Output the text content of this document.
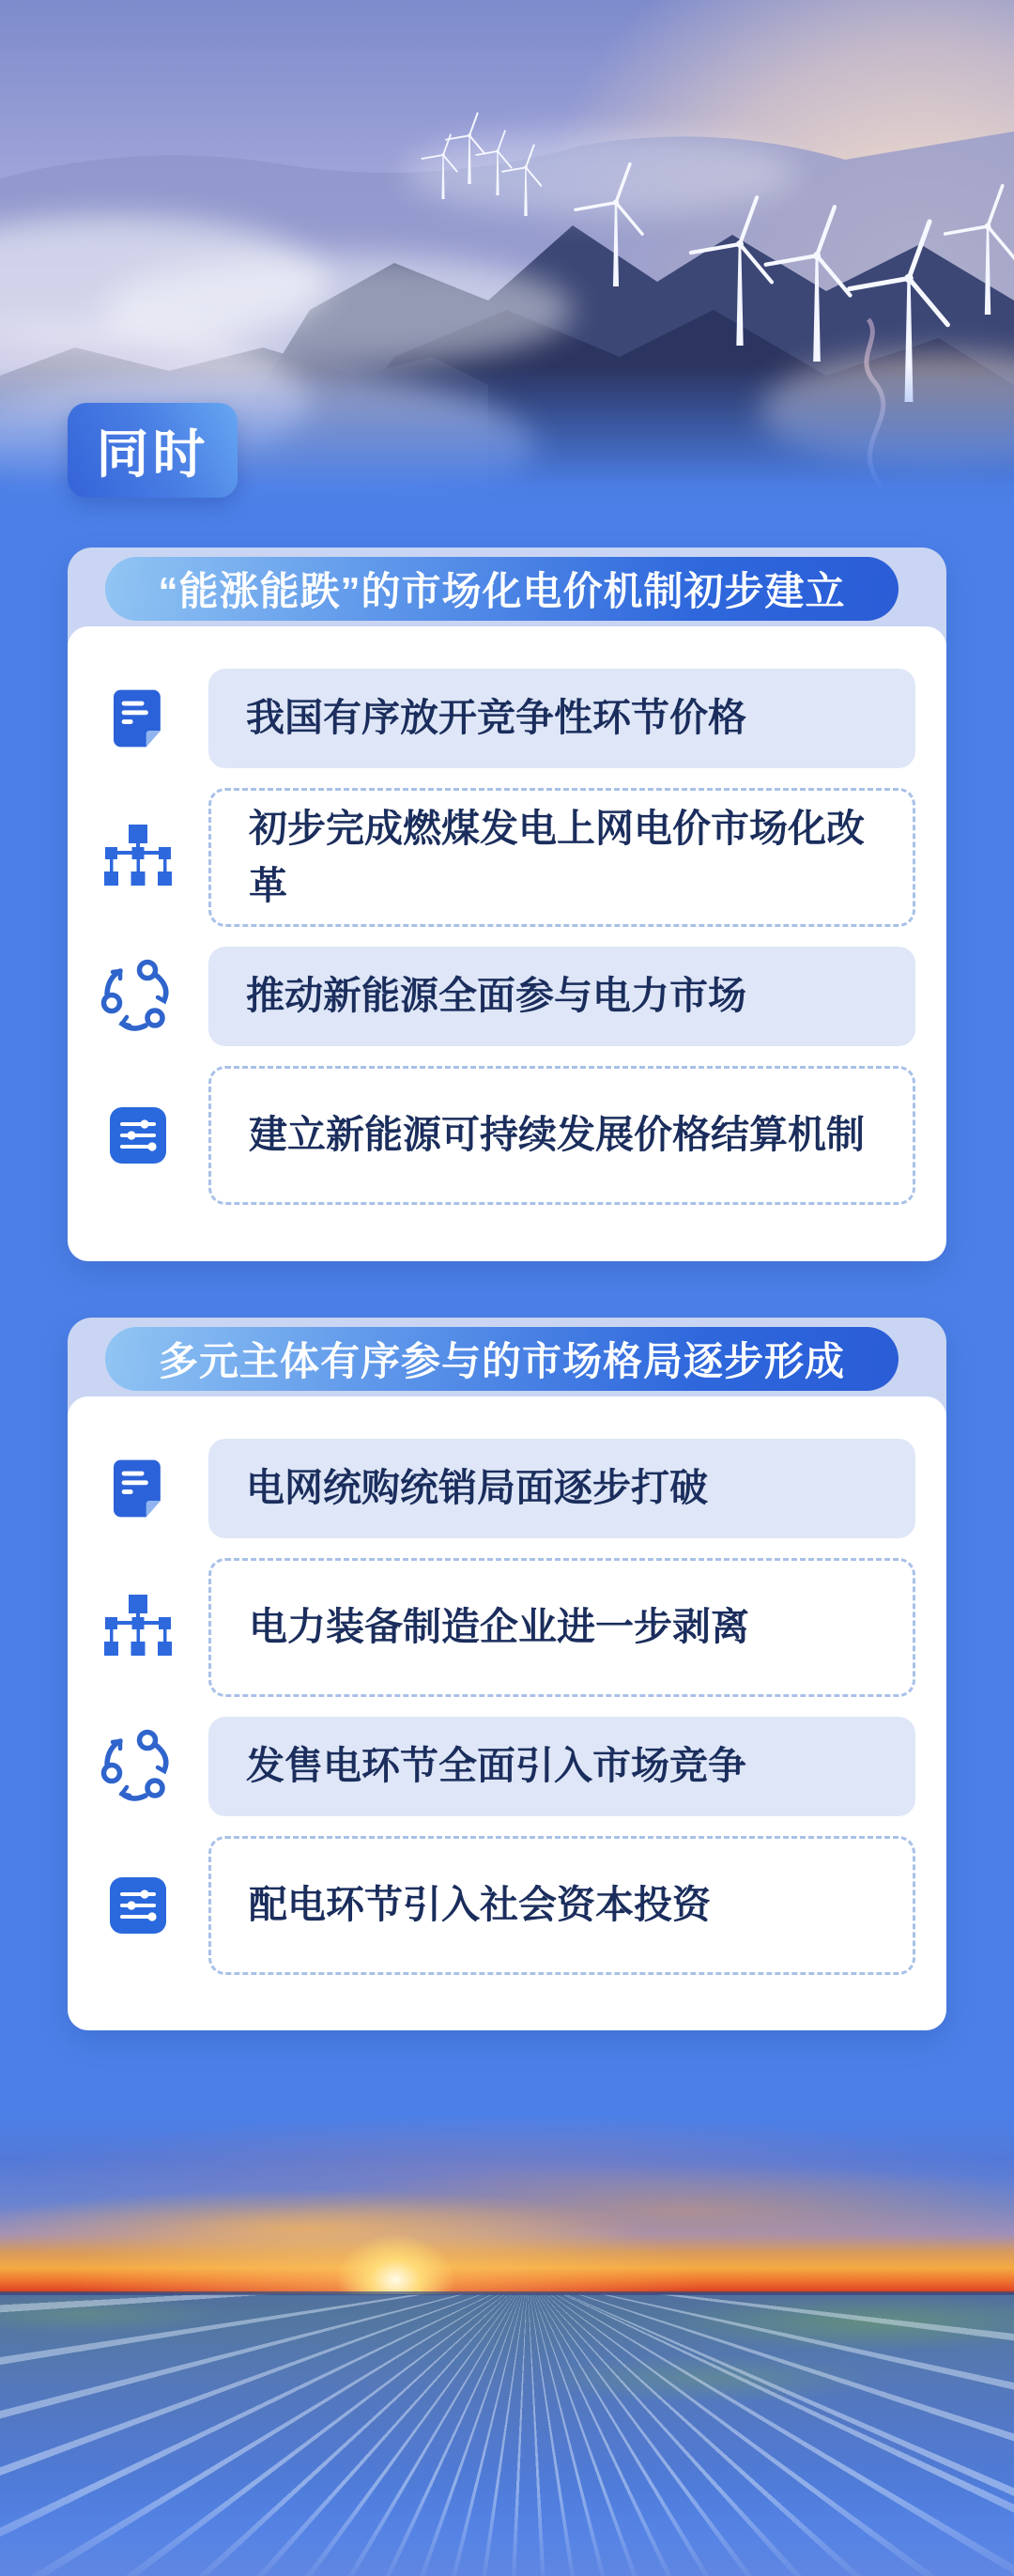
同时
“能涨能跌”的市场化电价机制初步建立
我国有序放开竞争性环节价格
初步完成燃煤发电上网电价市场化改革
推动新能源全面参与电力市场
建立新能源可持续发展价格结算机制
多元主体有序参与的市场格局逐步形成
电网统购统销局面逐步打破
电力装备制造企业进一步剥离
发售电环节全面引入市场竞争
配电环节引入社会资本投资
